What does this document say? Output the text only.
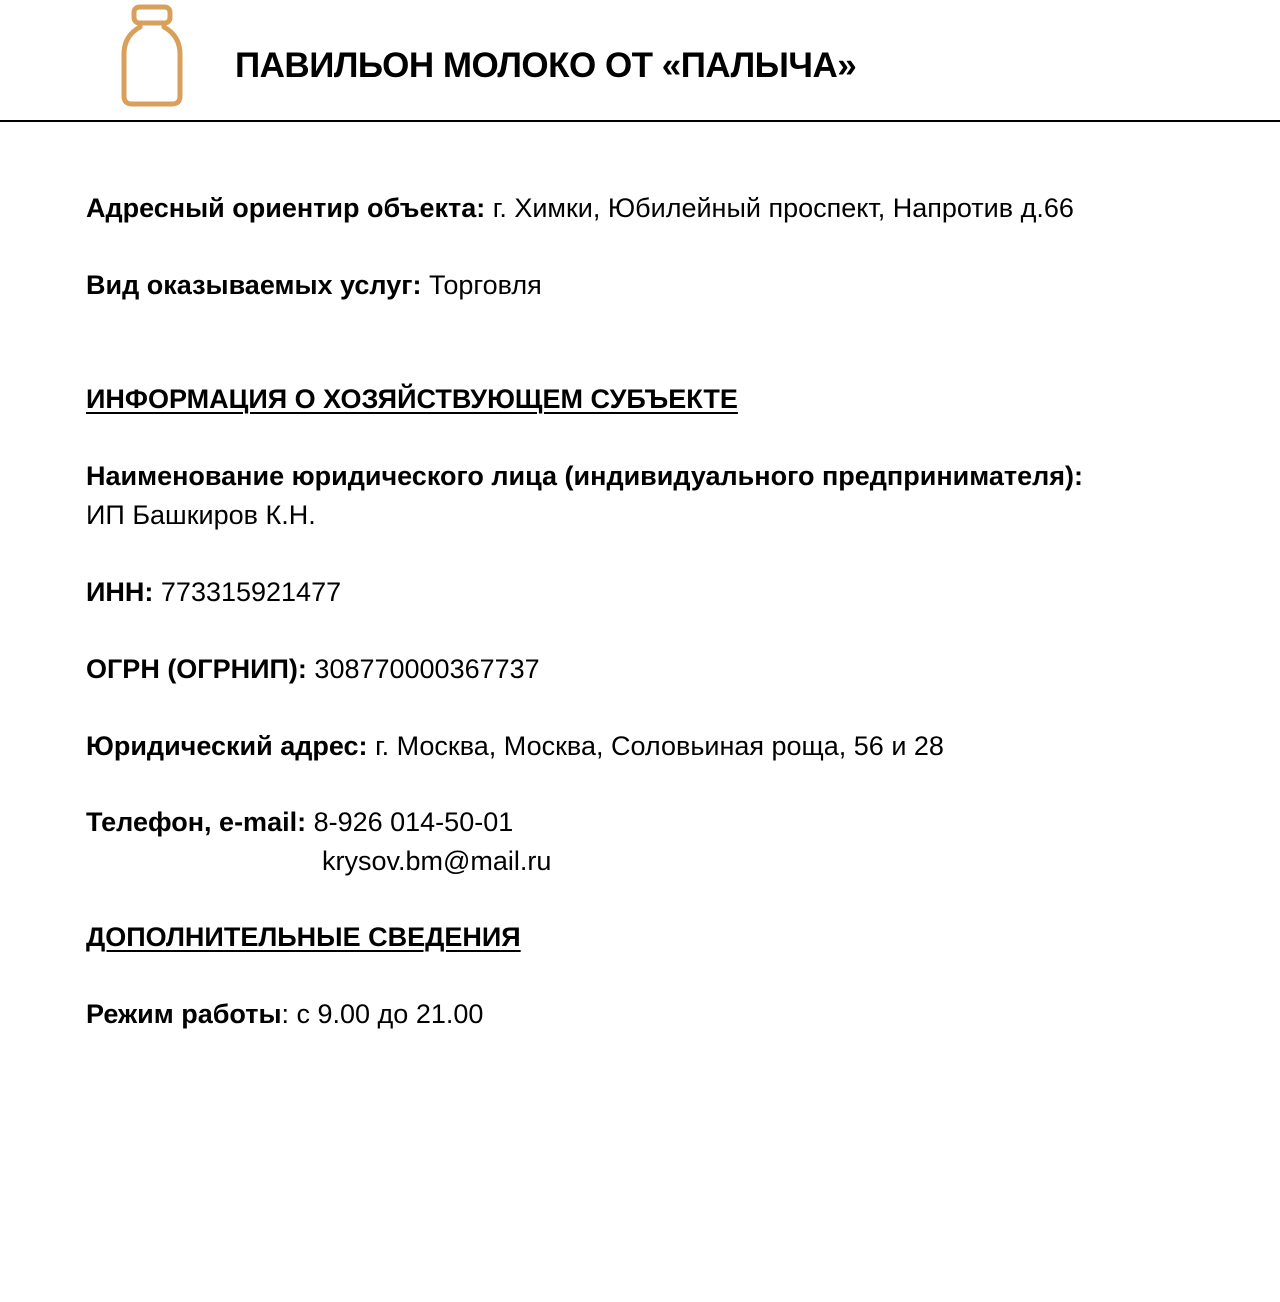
ПАВИЛЬОН МОЛОКО ОТ «ПАЛЫЧА»
Адресный ориентир объекта: г. Химки, Юбилейный проспект, Напротив д.66
Вид оказываемых услуг: Торговля
ИНФОРМАЦИЯ О ХОЗЯЙСТВУЮЩЕМ СУБЪЕКТЕ
Наименование юридического лица (индивидуального предпринимателя):
ИП Башкиров К.Н.
ИНН: 773315921477
ОГРН (ОГРНИП): 308770000367737
Юридический адрес: г. Москва, Москва, Соловьиная роща, 56 и 28
Телефон, e-mail: 8-926 014-50-01
krysov.bm@mail.ru
ДОПОЛНИТЕЛЬНЫЕ СВЕДЕНИЯ
Режим работы: с 9.00 до 21.00
